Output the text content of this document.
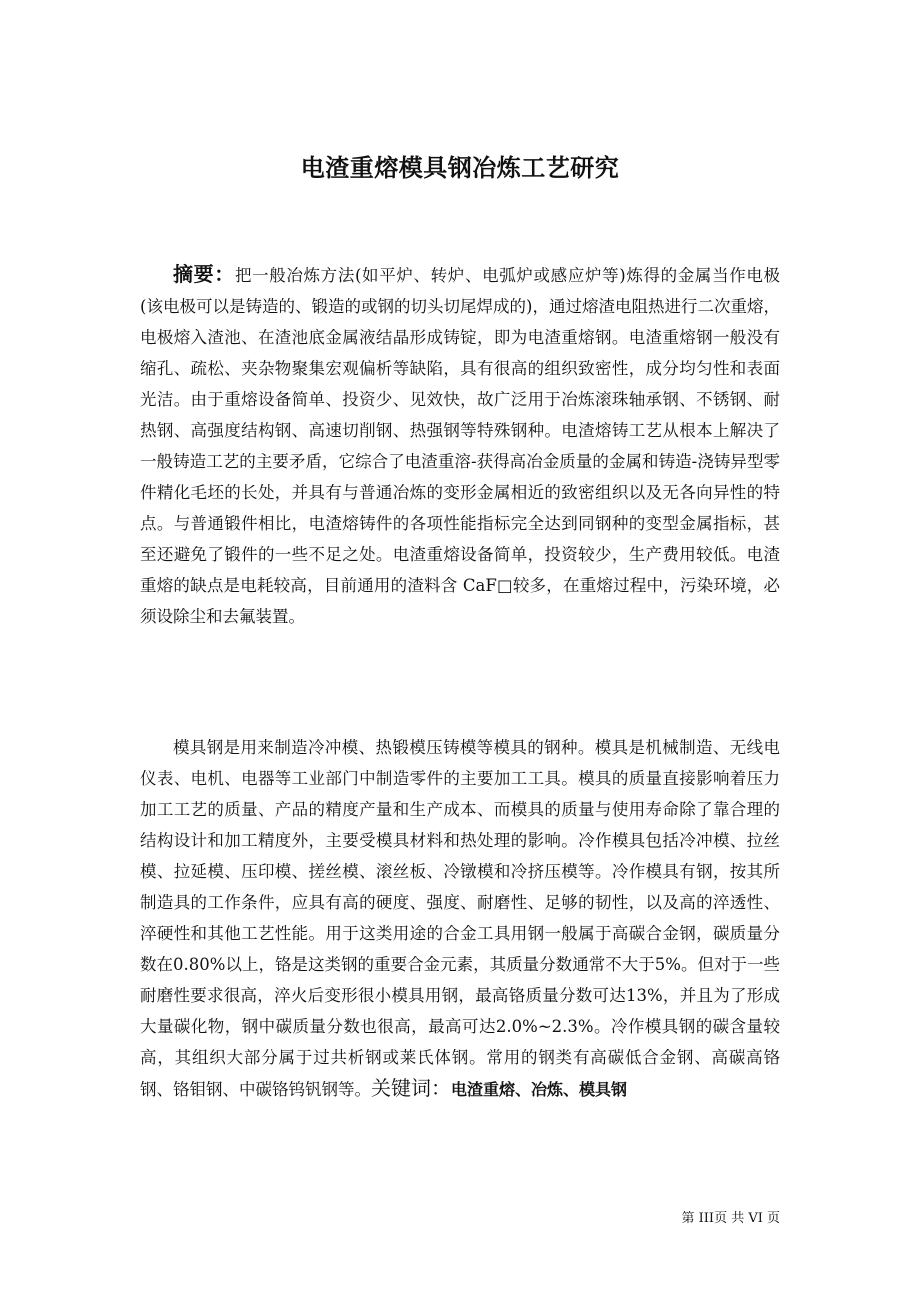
电渣重熔模具钢冶炼工艺研究

摘要：把一般冶炼方法(如平炉、转炉、电弧炉或感应炉等)炼得的金属当作电极(该电极可以是铸造的、锻造的或钢的切头切尾焊成的)，通过熔渣电阻热进行二次重熔，电极熔入渣池、在渣池底金属液结晶形成铸锭，即为电渣重熔钢。电渣重熔钢一般没有缩孔、疏松、夹杂物聚集宏观偏析等缺陷，具有很高的组织致密性，成分均匀性和表面光洁。由于重熔设备简单、投资少、见效快，故广泛用于冶炼滚珠轴承钢、不锈钢、耐热钢、高强度结构钢、高速切削钢、热强钢等特殊钢种。电渣熔铸工艺从根本上解决了一般铸造工艺的主要矛盾，它综合了电渣重溶-获得高冶金质量的金属和铸造-浇铸异型零件精化毛坯的长处，并具有与普通冶炼的变形金属相近的致密组织以及无各向异性的特点。与普通锻件相比，电渣熔铸件的各项性能指标完全达到同钢种的变型金属指标，甚至还避免了锻件的一些不足之处。电渣重熔设备简单，投资较少，生产费用较低。电渣重熔的缺点是电耗较高，目前通用的渣料含 CaF□较多，在重熔过程中，污染环境，必须设除尘和去氟装置。

模具钢是用来制造冷冲模、热锻模压铸模等模具的钢种。模具是机械制造、无线电仪表、电机、电器等工业部门中制造零件的主要加工工具。模具的质量直接影响着压力加工工艺的质量、产品的精度产量和生产成本、而模具的质量与使用寿命除了靠合理的结构设计和加工精度外，主要受模具材料和热处理的影响。冷作模具包括冷冲模、拉丝模、拉延模、压印模、搓丝模、滚丝板、冷镦模和冷挤压模等。冷作模具有钢，按其所制造具的工作条件，应具有高的硬度、强度、耐磨性、足够的韧性，以及高的淬透性、淬硬性和其他工艺性能。用于这类用途的合金工具用钢一般属于高碳合金钢，碳质量分数在0.80%以上，铬是这类钢的重要合金元素，其质量分数通常不大于5%。但对于一些耐磨性要求很高，淬火后变形很小模具用钢，最高铬质量分数可达13%，并且为了形成大量碳化物，钢中碳质量分数也很高，最高可达2.0%~2.3%。冷作模具钢的碳含量较高，其组织大部分属于过共析钢或莱氏体钢。常用的钢类有高碳低合金钢、高碳高铬钢、铬钼钢、中碳铬钨钒钢等。关键词：电渣重熔、冶炼、模具钢

第 III页 共 VI 页
